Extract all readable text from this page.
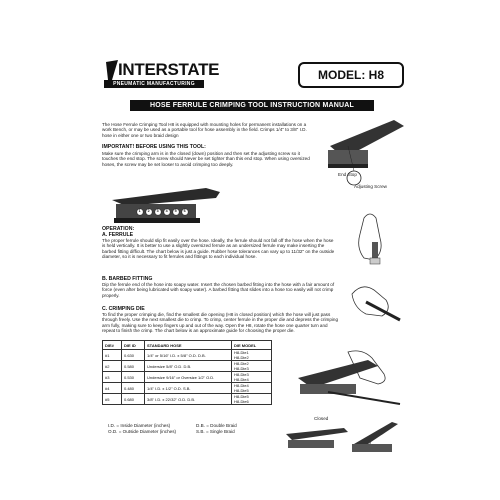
INTERSTATE
PNEUMATIC MANUFACTURING
MODEL: H8
HOSE FERRULE CRIMPING TOOL INSTRUCTION MANUAL
The Hose Ferrule Crimping Tool H8 is equipped with mounting holes for permanent installations on a work Bench, or may be used as a portable tool for hose assembly in the field. Crimps 1/4" to 3/8" I.D. hose in either one or two braid design
IMPORTANT! BEFORE USING THIS TOOL:
Make sure the crimping arm is in the closed (down) position and then set the adjusting screw so it touches the end stop. The screw should Never be set tighter than this end stop. When using oversized hoses, the screw may be set looser to avoid crimping too deeply.
End Stop
Adjusting Screw
1 2 3 4 5 6
OPERATION:
A. FERRULE
The proper ferrule should slip fit easily over the hose. Ideally, the ferrule should not fall off the hose when the hose is held vertically. It is better to use a slightly oversized ferrule as an undersized ferrule may make inserting the barbed fitting difficult. The chart below is just a guide. Rubber hose tolerances can vary up to 11/32" on the outside diameter, so it is necessary to fit ferrules and fittings to each individual hose.
B. BARBED FITTING
Dip the ferrule end of the hose into soapy water. Insert the chosen barbed fitting into the hose with a fair amount of force (even after being lubricated with soapy water). A barbed fitting that slides into a hose too easily will not crimp properly.
C. CRIMPING DIE
To find the proper crimping die, find the smallest die opening (H8 in closed position) which the hose will just pass through freely. Use the next smallest die to crimp. To crimp, center ferrule in the proper die and depress the crimping arm fully, making sure to keep fingers up and out of the way. Open the H8, rotate the hose one quarter turn and repeat to finish the crimp. The chart below is an approximate guide for choosing the proper die.
DIE#	DIE ID	STANDARD HOSE	DIE MODEL
#1	0.630	1/4" or 5/16" I.D. x 5/8" O.D. D.B.	H8-Die1
H8-Die2

#2	0.580	Undersize 5/8" O.D. D.B.	H8-Die2
H8-Die3

#3	0.530	Undersize 9/16" or Oversize 1/2" O.D.	H8-Die3
H8-Die4

#4	0.480	1/4" I.D. x 1/2" O.D. S.B.	H8-Die4
H8-Die5

#5	0.680	3/8" I.D. x 22/32" O.D. D.B.	H8-Die5
H8-Die6
I.D. = Inside Diameter (inches)
O.D. = Outside Diameter (inches)
D.B. = Double Braid
S.B. = Single Braid
Closed
